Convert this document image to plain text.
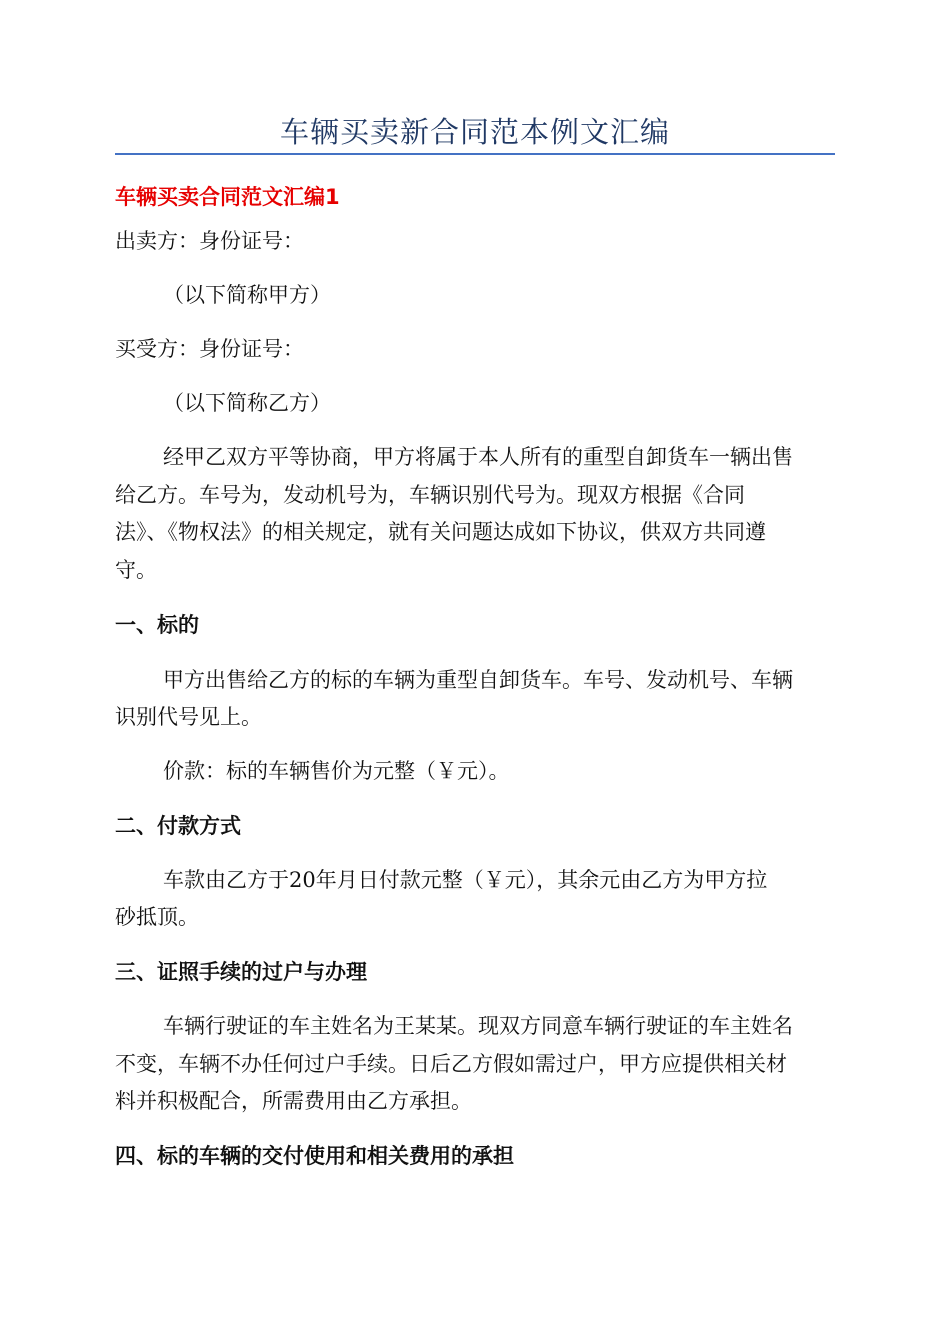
车辆买卖新合同范本例文汇编
车辆买卖合同范文汇编1
出卖方：身份证号：
（以下简称甲方）
买受方：身份证号：
（以下简称乙方）
经甲乙双方平等协商，甲方将属于本人所有的重型自卸货车一辆出售
给乙方。车号为，发动机号为，车辆识别代号为。现双方根据《合同
法》、《物权法》的相关规定，就有关问题达成如下协议，供双方共同遵
守。
一、标的
甲方出售给乙方的标的车辆为重型自卸货车。车号、发动机号、车辆
识别代号见上。
价款：标的车辆售价为元整（￥元）。
二、付款方式
车款由乙方于20年月日付款元整（￥元），其余元由乙方为甲方拉
砂抵顶。
三、证照手续的过户与办理
车辆行驶证的车主姓名为王某某。现双方同意车辆行驶证的车主姓名
不变，车辆不办任何过户手续。日后乙方假如需过户，甲方应提供相关材
料并积极配合，所需费用由乙方承担。
四、标的车辆的交付使用和相关费用的承担
